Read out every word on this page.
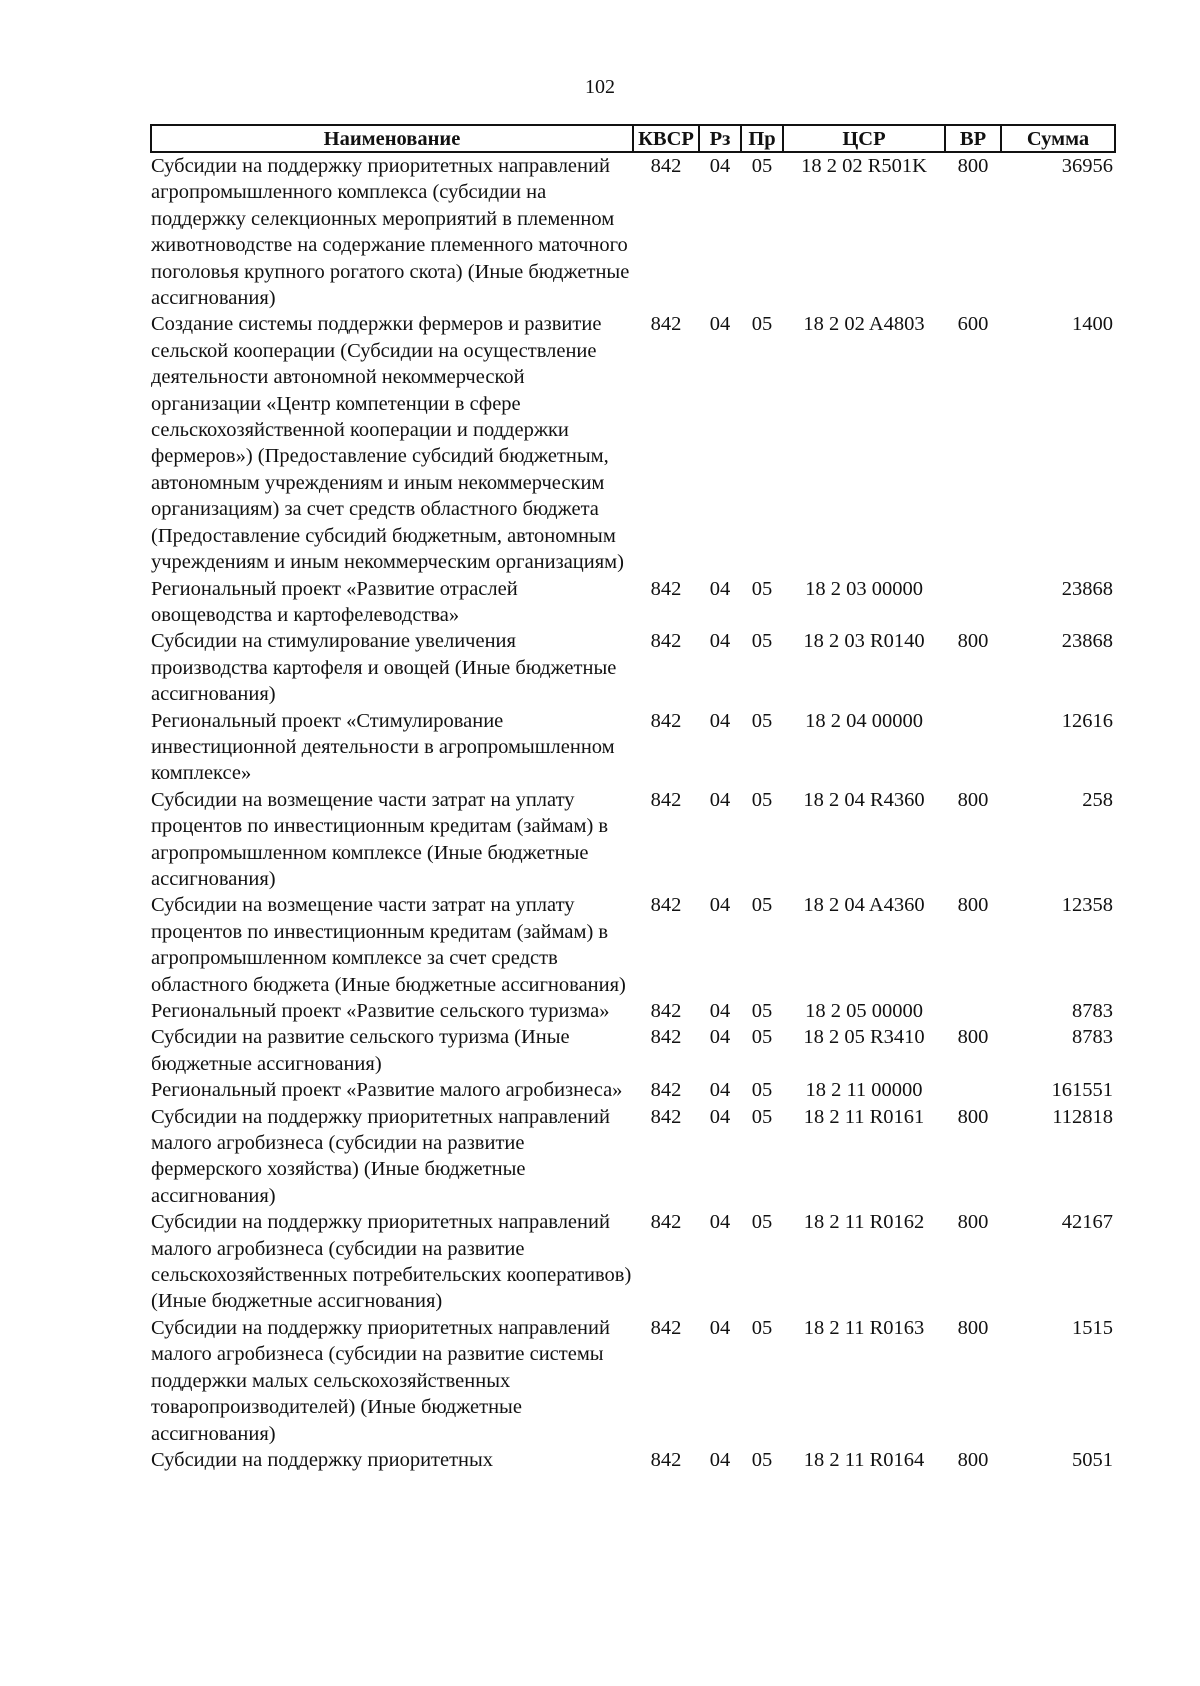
102
Наименование	КВСР	Рз	Пр	ЦСР	ВР	Сумма
Субсидии на поддержку приоритетных направлений агропромышленного комплекса (субсидии на поддержку селекционных мероприятий в племенном животноводстве на содержание племенного маточного поголовья крупного рогатого скота) (Иные бюджетные ассигнования)	842	04	05	18 2 02 R501K	800	36956
Создание системы поддержки фермеров и развитие сельской кооперации (Субсидии на осуществление деятельности автономной некоммерческой организации «Центр компетенции в сфере сельскохозяйственной кооперации и поддержки фермеров») (Предоставление субсидий бюджетным, автономным учреждениям и иным некоммерческим организациям) за счет средств областного бюджета (Предоставление субсидий бюджетным, автономным учреждениям и иным некоммерческим организациям)	842	04	05	18 2 02 A4803	600	1400
Региональный проект «Развитие отраслей овощеводства и картофелеводства»	842	04	05	18 2 03 00000		23868
Субсидии на стимулирование увеличения производства картофеля и овощей (Иные бюджетные ассигнования)	842	04	05	18 2 03 R0140	800	23868
Региональный проект «Стимулирование инвестиционной деятельности в агропромышленном комплексе»	842	04	05	18 2 04 00000		12616
Субсидии на возмещение части затрат на уплату процентов по инвестиционным кредитам (займам) в агропромышленном комплексе (Иные бюджетные ассигнования)	842	04	05	18 2 04 R4360	800	258
Субсидии на возмещение части затрат на уплату процентов по инвестиционным кредитам (займам) в агропромышленном комплексе за счет средств областного бюджета (Иные бюджетные ассигнования)	842	04	05	18 2 04 A4360	800	12358
Региональный проект «Развитие сельского туризма»	842	04	05	18 2 05 00000		8783
Субсидии на развитие сельского туризма (Иные бюджетные ассигнования)	842	04	05	18 2 05 R3410	800	8783
Региональный проект «Развитие малого агробизнеса»	842	04	05	18 2 11 00000		161551
Субсидии на поддержку приоритетных направлений малого агробизнеса (субсидии на развитие фермерского хозяйства) (Иные бюджетные ассигнования)	842	04	05	18 2 11 R0161	800	112818
Субсидии на поддержку приоритетных направлений малого агробизнеса (субсидии на развитие сельскохозяйственных потребительских кооперативов) (Иные бюджетные ассигнования)	842	04	05	18 2 11 R0162	800	42167
Субсидии на поддержку приоритетных направлений малого агробизнеса (субсидии на развитие системы поддержки малых сельскохозяйственных товаропроизводителей) (Иные бюджетные ассигнования)	842	04	05	18 2 11 R0163	800	1515
Субсидии на поддержку приоритетных	842	04	05	18 2 11 R0164	800	5051
